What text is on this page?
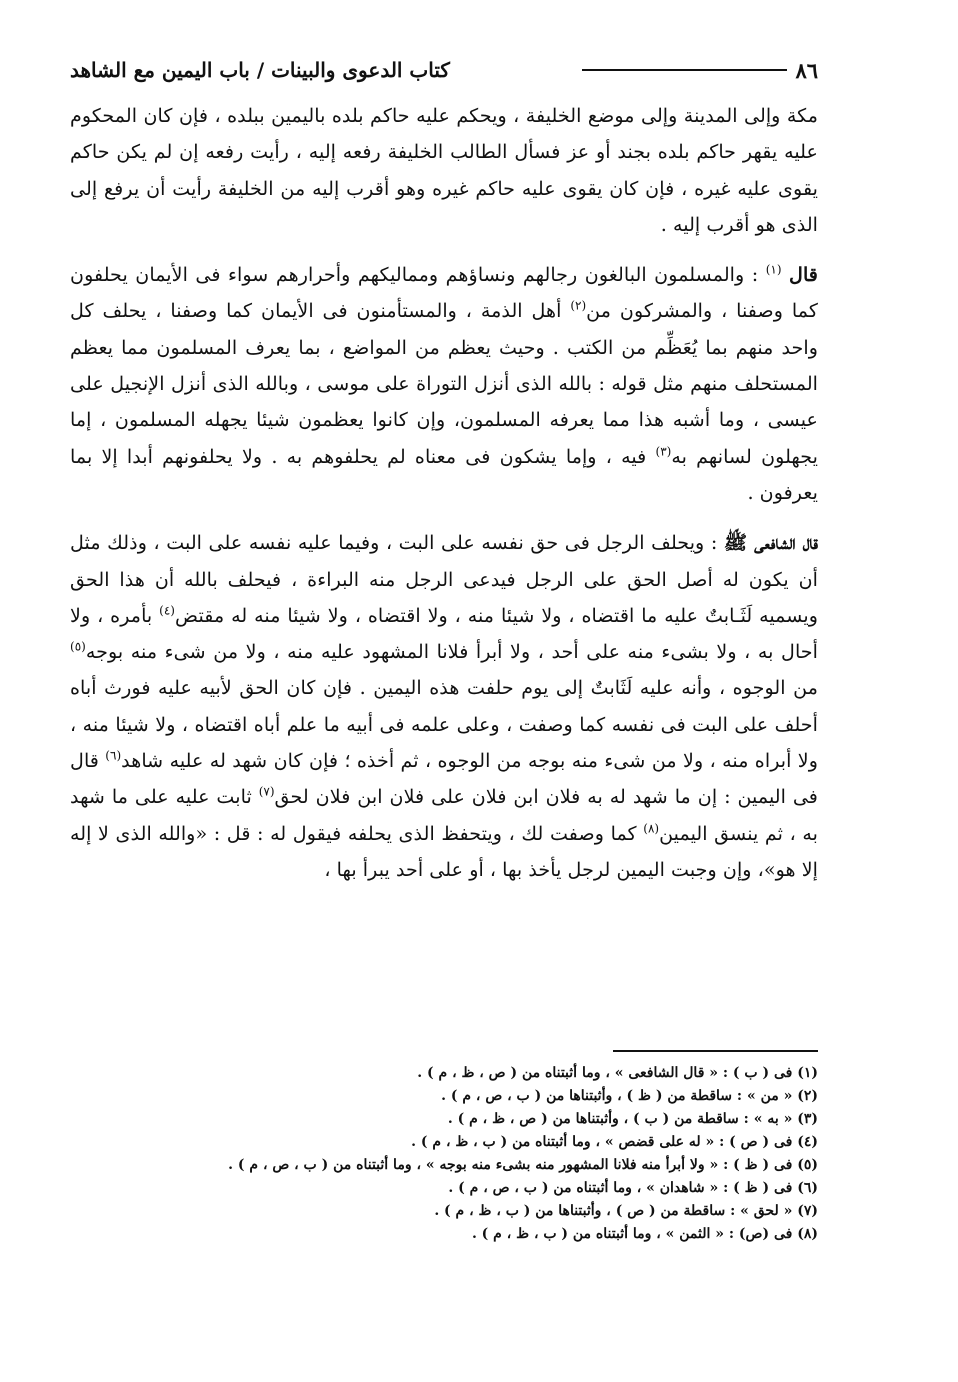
٨٦
كتاب الدعوى والبينات / باب اليمين مع الشاهد

مكة وإلى المدينة وإلى موضع الخليفة ، ويحكم عليه حاكم بلده باليمين ببلده ، فإن كان المحكوم عليه يقهر حاكم بلده بجند أو عز فسأل الطالب الخليفة رفعه إليه ، رأيت رفعه إن لم يكن حاكم يقوى عليه غيره ، فإن كان يقوى عليه حاكم غيره وهو أقرب إليه من الخليفة رأيت أن يرفع إلى الذى هو أقرب إليه .

قال $^{(١)}$ : والمسلمون البالغون رجالهم ونساؤهم ومماليكهم وأحرارهم سواء فى الأيمان يحلفون كما وصفنا ، والمشركون من$^{(٢)}$ أهل الذمة ، والمستأمنون فى الأيمان كما وصفنا ، يحلف كل واحد منهم بما يُعَظِّم من الكتب . وحيث يعظم من المواضع ، بما يعرف المسلمون مما يعظم المستحلف منهم مثل قوله : بالله الذى أنزل التوراة على موسى ، وبالله الذى أنزل الإنجيل على عيسى ، وما أشبه هذا مما يعرفه المسلمون، وإن كانوا يعظمون شيئا يجهله المسلمون ، إما يجهلون لسانهم به$^{(٣)}$ فيه ، وإما يشكون فى معناه لم يحلفوهم به . ولا يحلفونهم أبدا إلا بما يعرفون .

قال الشافعى ﷺ : ويحلف الرجل فى حق نفسه على البت ، وفيما عليه نفسه على البت ، وذلك مثل أن يكون له أصل الحق على الرجل فيدعى الرجل منه البراءة ، فيحلف بالله أن هذا الحق ويسميه لَثَـابتٌ عليه ما اقتضاه ، ولا شيئا منه ، ولا اقتضاه ، ولا شيئا منه له مقتض$^{(٤)}$ بأمره ، ولا أحال به ، ولا بشىء منه على أحد ، ولا أبرأ فلانا المشهود عليه منه ، ولا من شىء منه بوجه$^{(٥)}$ من الوجوه ، وأنه عليه لَثَابتٌ إلى يوم حلفت هذه اليمين . فإن كان الحق لأبيه عليه فورث أباه أحلف على البت فى نفسه كما وصفت ، وعلى علمه فى أبيه ما علم أباه اقتضاه ، ولا شيئا منه ، ولا أبراه منه ، ولا من شىء منه بوجه من الوجوه ، ثم أخذه ؛ فإن كان شهد له عليه شاهد$^{(٦)}$ قال فى اليمين : إن ما شهد له به فلان ابن فلان على فلان ابن فلان لحق$^{(٧)}$ ثابت عليه على ما شهد به ، ثم ينسق اليمين$^{(٨)}$ كما وصفت لك ، ويتحفظ الذى يحلفه فيقول له : قل : «والله الذى لا إله إلا هو»، وإن وجبت اليمين لرجل يأخذ بها ، أو على أحد يبرأ بها ،

(١) فى ( ب ) : « قال الشافعى » ، وما أثبتناه من ( ص ، ظ ، م ) .

(٢) « من » : ساقطة من ( ظ ) ، وأثبتناها من ( ب ، ص ، م ) .

(٣) « به » : ساقطة من ( ب ) ، وأثبتناها من ( ص ، ظ ، م ) .

(٤) فى ( ص ) : « له على قضص » ، وما أثبتناه من ( ب ، ظ ، م ) .

(٥) فى ( ظ ) : « ولا أبرأ منه فلانا المشهور منه بشىء منه بوجه » ، وما أثبتناه من ( ب ، ص ، م ) .

(٦) فى ( ظ ) : « شاهدان » ، وما أثبتناه من ( ب ، ص ، م ) .

(٧) « لحق » : ساقطة من ( ص ) ، وأثبتناها من ( ب ، ظ ، م ) .

(٨) فى (ص) : « الثمن » ، وما أثبتناه من ( ب ، ظ ، م ) .
